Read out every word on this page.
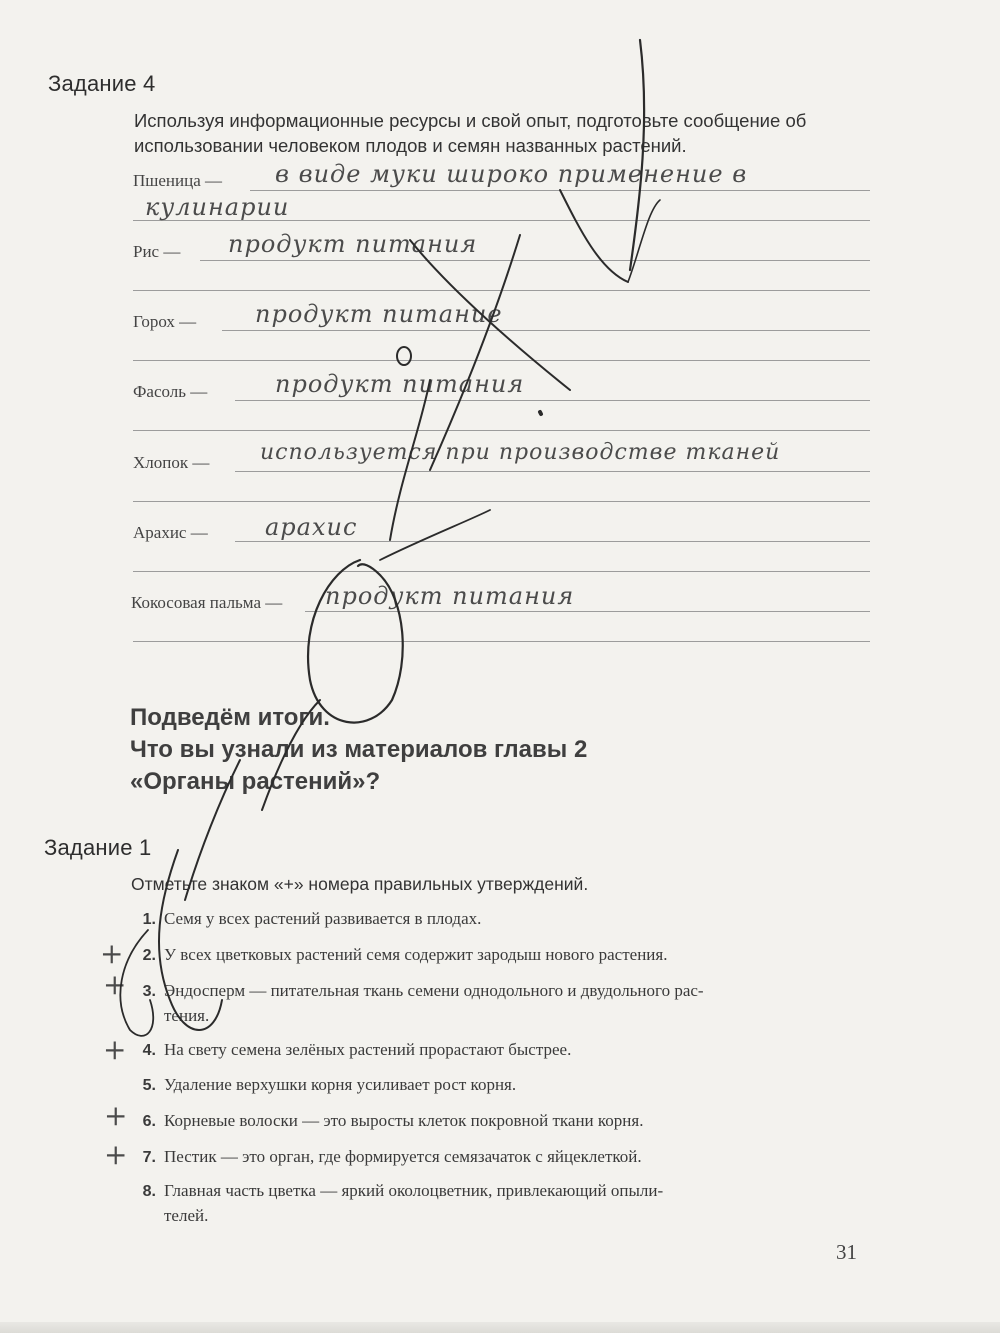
Задание 4
Используя информационные ресурсы и свой опыт, подготовьте сообщение об использовании человеком плодов и семян названных растений.
Пшеница — в виде муки широко применение в
кулинарии
Рис — продукт питания
Горох — продукт питание
Фасоль —	продукт питания
Хлопок — используется при производстве тканей
Арахис — арахис
Кокосовая пальма — продукт питания
Подведём итоги.
Что вы узнали из материалов главы 2
«Органы растений»?
Задание 1
Отметьте знаком «+» номера правильных утверждений.
1. Семя у всех растений развивается в плодах.
2. У всех цветковых растений семя содержит зародыш нового растения.
3. Эндосперм — питательная ткань семени однодольного и двудольного рас-
тения.
4. На свету семена зелёных растений прорастают быстрее.
5. Удаление верхушки корня усиливает рост корня.
6. Корневые волоски — это выросты клеток покровной ткани корня.
7. Пестик — это орган, где формируется семязачаток с яйцеклеткой.
8. Главная часть цветка — яркий околоцветник, привлекающий опыли-
телей.
+
+
+
+
+
31
